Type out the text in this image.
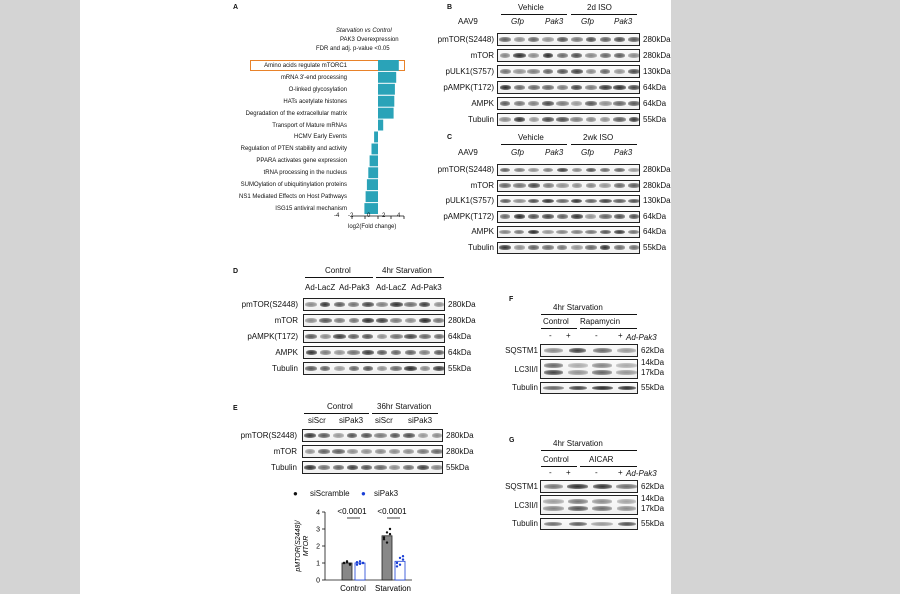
A
Starvation vs Control
PAK3 Overexpression
FDR and adj. p-value <0.05
Amino acids regulate mTORC1
mRNA 3'-end processing
O-linked glycosylation
HATs acetylate histones
Degradation of the extracellular matrix
Transport of Mature mRNAs
HCMV Early Events
Regulation of PTEN stability and activity
PPARA activates gene expression
tRNA processing in the nucleus
SUMOylation of ubiquitinylation proteins
NS1 Mediated Effects on Host Pathways
ISG15 antiviral mechanism
-4 -2 0 2 4
log2(Fold change)
B	Vehicle	2d ISO
AAV9	Gfp	Pak3 Gfp	Pak3
pmTOR(S2448)	280kDa
mTOR	280kDa
pULK1(S757)	130kDa
pAMPK(T172)	64kDa
AMPK	64kDa
Tubulin	55kDa
C	Vehicle	2wk ISO
AAV9	Gfp	Pak3 Gfp	Pak3
pmTOR(S2448)	280kDa
mTOR	280kDa
pULK1(S757)	130kDa
pAMPK(T172)	64kDa
AMPK	64kDa
Tubulin	55kDa
D	Control	4hr Starvation
Ad-LacZ Ad-Pak3 Ad-LacZ Ad-Pak3
pmTOR(S2448)	280kDa
mTOR	280kDa
pAMPK(T172)	64kDa
AMPK	64kDa
Tubulin	55kDa
E	Control	36hr Starvation
siScr siPak3 siScr siPak3
pmTOR(S2448)	280kDa
mTOR	280kDa
Tubulin	55kDa
● siScramble ● siPak3
0
1
2
3
4
pMTOR(S2448)/ MTOR
Control Starvation
<0.0001 <0.0001
F
4hr Starvation
Control Rapamycin
- +	-	+ Ad-Pak3
SQSTM1	62kDa
LC3II/I
14kDa
17kDa
Tubulin	55kDa
G	4hr Starvation
Control	AICAR
- +	-	+ Ad-Pak3
SQSTM1	62kDa
LC3II/I
14kDa
17kDa
Tubulin	55kDa
